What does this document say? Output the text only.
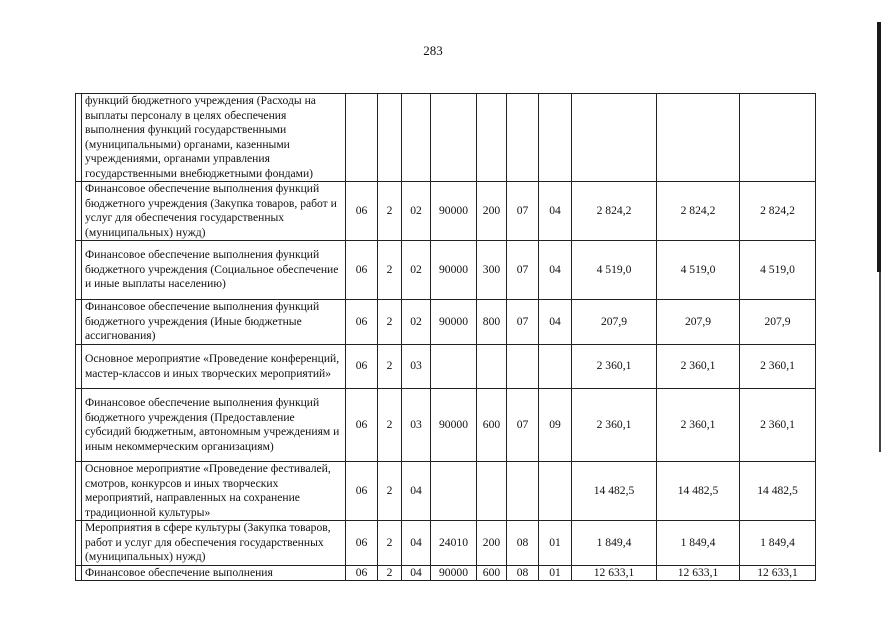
283
	функций бюджетного учреждения (Расходы на выплаты персоналу в целях обеспечения выполнения функций государственными (муниципальными) органами, казенными учреждениями, органами управления государственными внебюджетными фондами)										
	Финансовое обеспечение выполнения функций бюджетного учреждения (Закупка товаров, работ и услуг для обеспечения государственных (муниципальных) нужд)	06	2	02	90000	200	07	04	2 824,2	2 824,2	2 824,2
	Финансовое обеспечение выполнения функций бюджетного учреждения (Социальное обеспечение и иные выплаты населению)	06	2	02	90000	300	07	04	4 519,0	4 519,0	4 519,0
	Финансовое обеспечение выполнения функций бюджетного учреждения (Иные бюджетные ассигнования)	06	2	02	90000	800	07	04	207,9	207,9	207,9
	Основное мероприятие «Проведение конференций, мастер-классов и иных творческих мероприятий»	06	2	03					2 360,1	2 360,1	2 360,1
	Финансовое обеспечение выполнения функций бюджетного учреждения (Предоставление субсидий бюджетным, автономным учреждениям и иным некоммерческим организациям)	06	2	03	90000	600	07	09	2 360,1	2 360,1	2 360,1
	Основное мероприятие «Проведение фестивалей, смотров, конкурсов и иных творческих мероприятий, направленных на сохранение традиционной культуры»	06	2	04					14 482,5	14 482,5	14 482,5
	Мероприятия в сфере культуры (Закупка товаров, работ и услуг для обеспечения государственных (муниципальных) нужд)	06	2	04	24010	200	08	01	1 849,4	1 849,4	1 849,4
	Финансовое обеспечение выполнения	06	2	04	90000	600	08	01	12 633,1	12 633,1	12 633,1
